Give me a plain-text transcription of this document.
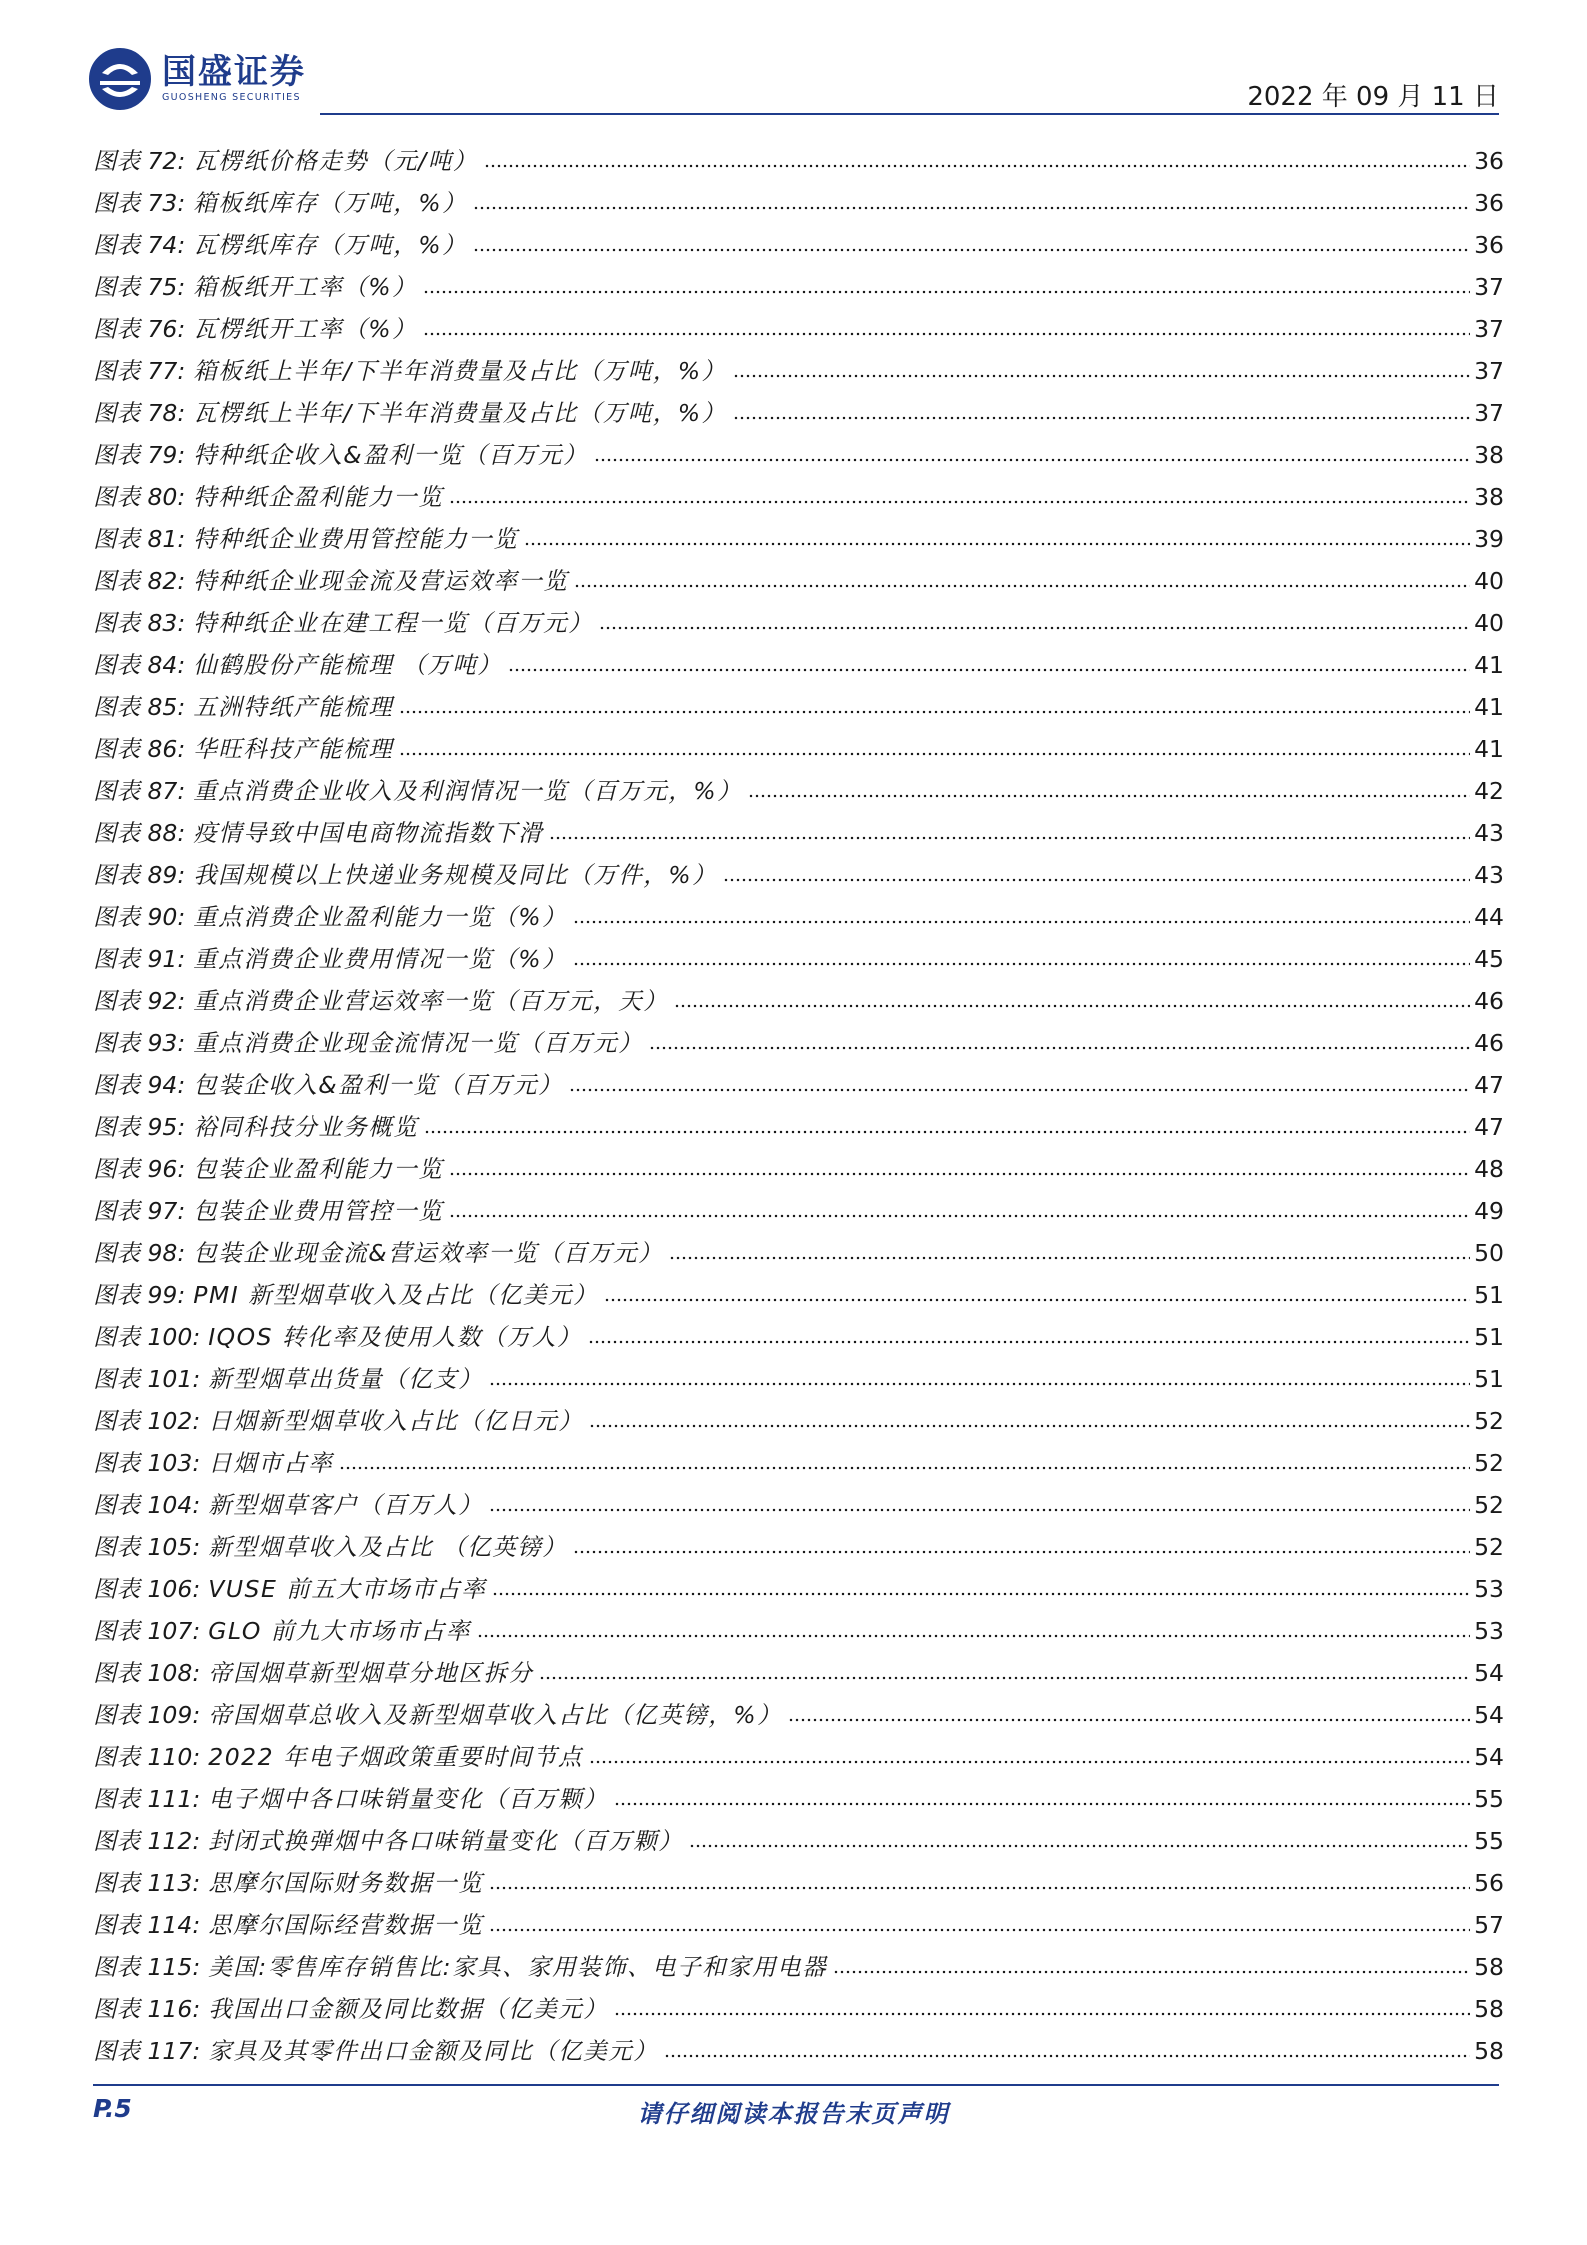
国盛证券
GUOSHENG SECURITIES	2022 年 09 月 11 日
图表 72: 瓦楞纸价格走势（元/吨）	36
图表 73: 箱板纸库存（万吨，%）	36
图表 74: 瓦楞纸库存（万吨，%）	36
图表 75: 箱板纸开工率（%）	37
图表 76: 瓦楞纸开工率（%）	37
图表 77: 箱板纸上半年/下半年消费量及占比（万吨，%）	37
图表 78: 瓦楞纸上半年/下半年消费量及占比（万吨，%）	37
图表 79: 特种纸企收入&盈利一览（百万元）	38
图表 80: 特种纸企盈利能力一览	38
图表 81: 特种纸企业费用管控能力一览	39
图表 82: 特种纸企业现金流及营运效率一览	40
图表 83: 特种纸企业在建工程一览（百万元）	40
图表 84: 仙鹤股份产能梳理 （万吨）	41
图表 85: 五洲特纸产能梳理	41
图表 86: 华旺科技产能梳理	41
图表 87: 重点消费企业收入及利润情况一览（百万元，%）	42
图表 88: 疫情导致中国电商物流指数下滑	43
图表 89: 我国规模以上快递业务规模及同比（万件，%）	43
图表 90: 重点消费企业盈利能力一览（%）	44
图表 91: 重点消费企业费用情况一览（%）	45
图表 92: 重点消费企业营运效率一览（百万元，天）	46
图表 93: 重点消费企业现金流情况一览（百万元）	46
图表 94: 包装企收入&盈利一览（百万元）	47
图表 95: 裕同科技分业务概览	47
图表 96: 包装企业盈利能力一览	48
图表 97: 包装企业费用管控一览	49
图表 98: 包装企业现金流&营运效率一览（百万元）	50
图表 99: PMI 新型烟草收入及占比（亿美元）	51
图表 100: IQOS 转化率及使用人数（万人）	51
图表 101: 新型烟草出货量（亿支）	51
图表 102: 日烟新型烟草收入占比（亿日元）	52
图表 103: 日烟市占率	52
图表 104: 新型烟草客户（百万人）	52
图表 105: 新型烟草收入及占比 （亿英镑）	52
图表 106: VUSE 前五大市场市占率	53
图表 107: GLO 前九大市场市占率	53
图表 108: 帝国烟草新型烟草分地区拆分	54
图表 109: 帝国烟草总收入及新型烟草收入占比（亿英镑，%）	54
图表 110: 2022 年电子烟政策重要时间节点	54
图表 111: 电子烟中各口味销量变化（百万颗）	55
图表 112: 封闭式换弹烟中各口味销量变化（百万颗）	55
图表 113: 思摩尔国际财务数据一览	56
图表 114: 思摩尔国际经营数据一览	57
图表 115: 美国:零售库存销售比:家具、家用装饰、电子和家用电器	58
图表 116: 我国出口金额及同比数据（亿美元）	58
图表 117: 家具及其零件出口金额及同比（亿美元）	58
请仔细阅读本报告末页声明
P.5
